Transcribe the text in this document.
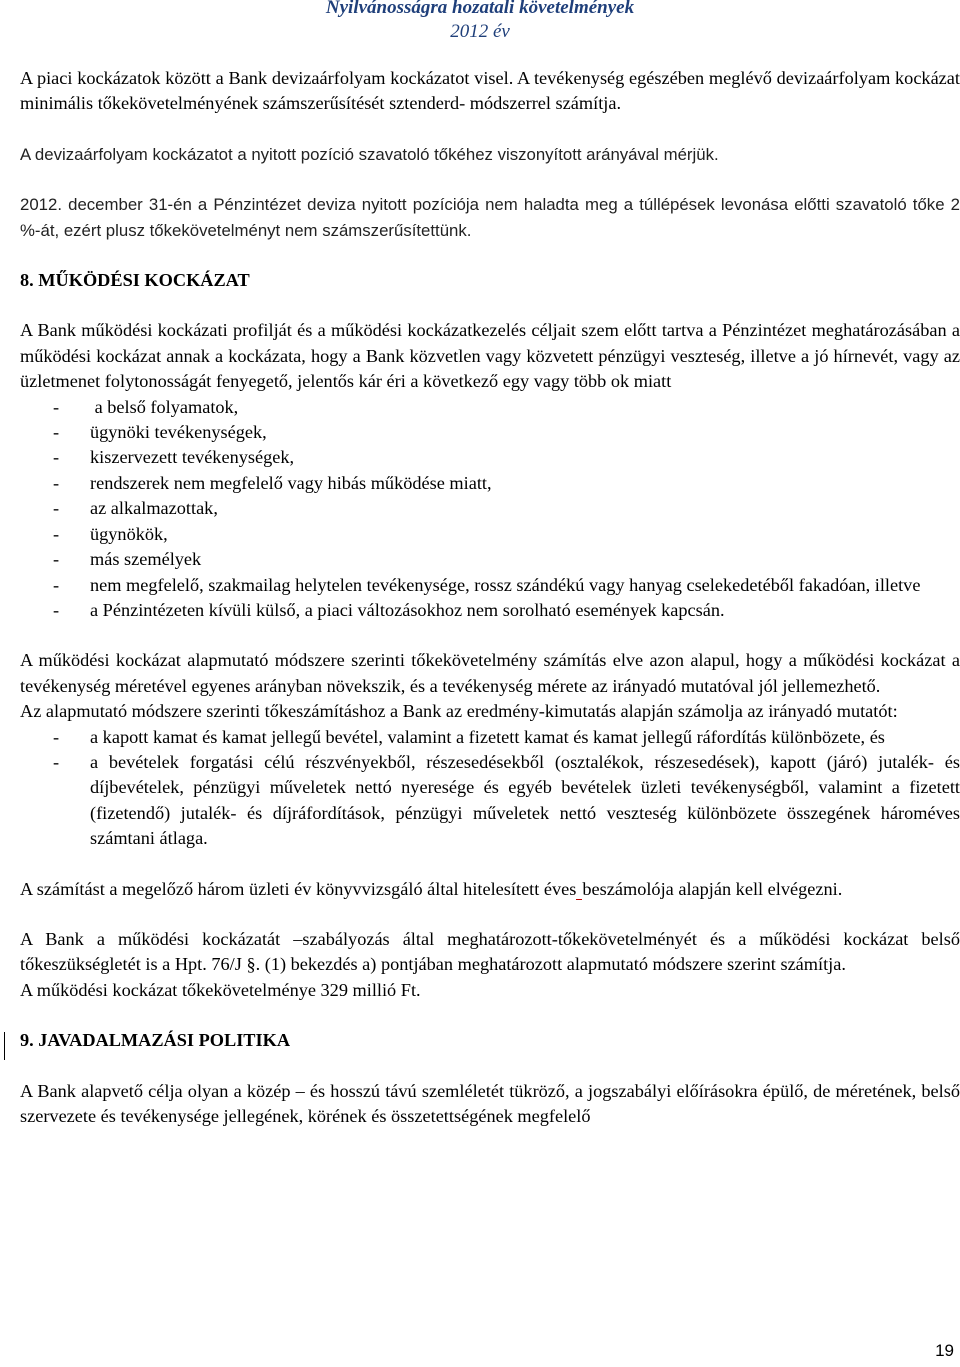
Nyilvánosságra hozatali követelmények
2012 év

A piaci kockázatok között a Bank devizaárfolyam kockázatot visel. A tevékenység egészében meglévő devizaárfolyam kockázat minimális tőkekövetelményének számszerűsítését sztenderd- módszerrel számítja.

A devizaárfolyam kockázatot a nyitott pozíció szavatoló tőkéhez viszonyított arányával mérjük.

2012. december 31-én a Pénzintézet deviza nyitott pozíciója nem haladta meg a túllépések levonása előtti szavatoló tőke 2 %-át, ezért plusz tőkekövetelményt nem számszerűsítettünk.

8. MŰKÖDÉSI KOCKÁZAT

A Bank működési kockázati profilját és a működési kockázatkezelés céljait szem előtt tartva a Pénzintézet meghatározásában a működési kockázat annak a kockázata, hogy a Bank közvetlen vagy közvetett pénzügyi veszteség, illetve a jó hírnevét, vagy az üzletmenet folytonosságát fenyegető, jelentős kár éri a következő egy vagy több ok miatt

- a belső folyamatok,
- ügynöki tevékenységek,
- kiszervezett tevékenységek,
- rendszerek nem megfelelő vagy hibás működése miatt,
- az alkalmazottak,
- ügynökök,
- más személyek
- nem megfelelő, szakmailag helytelen tevékenysége, rossz szándékú vagy hanyag cselekedetéből fakadóan, illetve
- a Pénzintézeten kívüli külső, a piaci változásokhoz nem sorolható események kapcsán.

A működési kockázat alapmutató módszere szerinti tőkekövetelmény számítás elve azon alapul, hogy a működési kockázat a tevékenység méretével egyenes arányban növekszik, és a tevékenység mérete az irányadó mutatóval jól jellemezhető.

Az alapmutató módszere szerinti tőkeszámításhoz a Bank az eredmény-kimutatás alapján számolja az irányadó mutatót:

- a kapott kamat és kamat jellegű bevétel, valamint a fizetett kamat és kamat jellegű ráfordítás különbözete, és
- a bevételek forgatási célú részvényekből, részesedésekből (osztalékok, részesedések), kapott (járó) jutalék- és díjbevételek, pénzügyi műveletek nettó nyeresége és egyéb bevételek üzleti tevékenységből, valamint a fizetett (fizetendő) jutalék- és díjráfordítások, pénzügyi műveletek nettó veszteség különbözete összegének hároméves számtani átlaga.

A számítást a megelőző három üzleti év könyvvizsgáló által hitelesített éves beszámolója alapján kell elvégezni.

A Bank a működési kockázatát –szabályozás által meghatározott-tőkekövetelményét és a működési kockázat belső tőkeszükségletét is a Hpt. 76/J §. (1) bekezdés a) pontjában meghatározott alapmutató módszere szerint számítja.

A működési kockázat tőkekövetelménye 329 millió Ft.

9. JAVADALMAZÁSI POLITIKA

A Bank alapvető célja olyan a közép – és hosszú távú szemléletét tükröző, a jogszabályi előírásokra épülő, de méretének, belső szervezete és tevékenysége jellegének, körének és összetettségének megfelelő

19
